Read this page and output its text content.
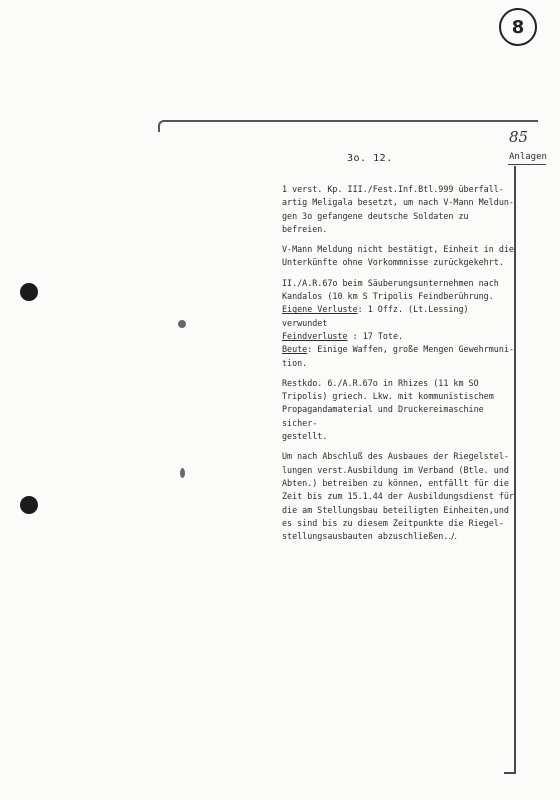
8
85
Anlagen
3o. 12.

1 verst. Kp. III./Fest.Inf.Btl.999 überfall-
artig Meligala besetzt, um nach V-Mann Meldun-
gen 3o gefangene deutsche Soldaten zu befreien.

V-Mann Meldung nicht bestätigt, Einheit in die
Unterkünfte ohne Vorkommnisse zurückgekehrt.

II./A.R.67o beim Säuberungsunternehmen nach
Kandalos (10 km S Tripolis Feindberührung.
Eigene Verluste: 1 Offz. (Lt.Lessing) verwundet
Feindverluste : 17 Tote.
Beute: Einige Waffen, große Mengen Gewehrmuni-
tion.

Restkdo. 6./A.R.67o in Rhizes (11 km SO
Tripolis) griech. Lkw. mit kommunistischem
Propagandamaterial und Druckereimaschine sicher-
gestellt.

Um nach Abschluß des Ausbaues der Riegelstel-
lungen verst.Ausbildung im Verband (Btle. und
Abten.) betreiben zu können, entfällt für die
Zeit bis zum 15.1.44 der Ausbildungsdienst für
die am Stellungsbau beteiligten Einheiten,und
es sind bis zu diesem Zeitpunkte die Riegel-
stellungsausbauten abzuschließen../.
